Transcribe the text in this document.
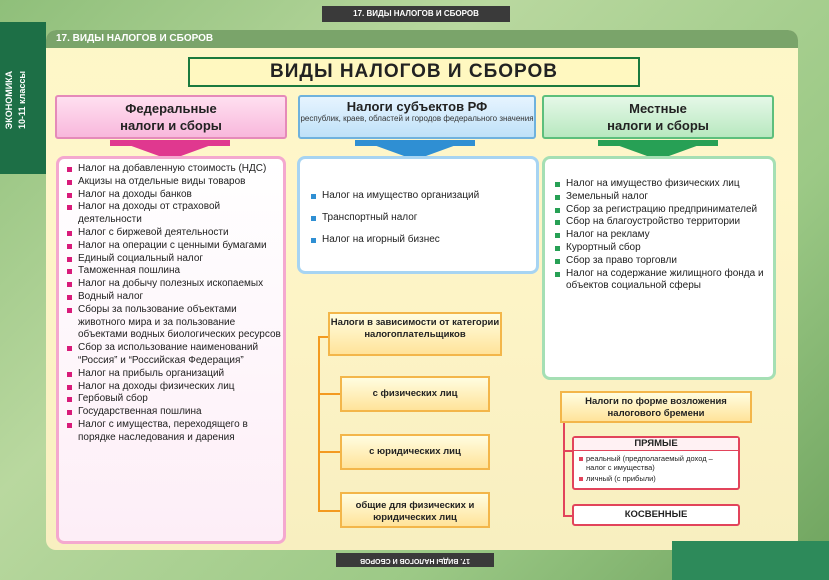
17. ВИДЫ НАЛОГОВ И СБОРОВ
17. ВИДЫ НАЛОГОВ И СБОРОВ
ЭКОНОМИКА 10-11 классы	ВИДЫ НАЛОГОВ И СБОРОВ
Федеральные
налоги и сборы
Налоги субъектов РФ
республик, краев, областей и городов федерального значения
Местные
налоги и сборы
Налог на добавленную стоимость (НДС)
Акцизы на отдельные виды товаров
Налог на доходы банков
Налог на доходы от страховой деятельности
Налог с биржевой деятельности
Налог на операции с ценными бумагами
Единый социальный налог
Таможенная пошлина
Налог на добычу полезных ископаемых
Водный налог
Сборы за пользование объектами животного мира и за пользование объектами водных биологических ресурсов
Сбор за использование наименований “Россия” и “Российская Федерация”
Налог на прибыль организаций
Налог на доходы физических лиц
Гербовый сбор
Государственная пошлина
Налог с имущества, переходящего в порядке наследования и дарения
Налог на имущество организаций
Транспортный налог
Налог на игорный бизнес
Налог на имущество физических лиц
Земельный налог
Сбор за регистрацию предпринимателей
Сбор на благоустройство территории
Налог на рекламу
Курортный сбор
Сбор за право торговли
Налог на содержание жилищного фонда и объектов социальной сферы
Налоги в зависимости от категории налогоплательщиков
с физических лиц
с юридических лиц
общие для физических и юридических лиц
Налоги по форме возложения налогового бремени
ПРЯМЫЕ
реальный (предполагаемый доход – налог с имущества)
личный (с прибыли)
КОСВЕННЫЕ
17. ВИДЫ НАЛОГОВ И СБОРОВ
